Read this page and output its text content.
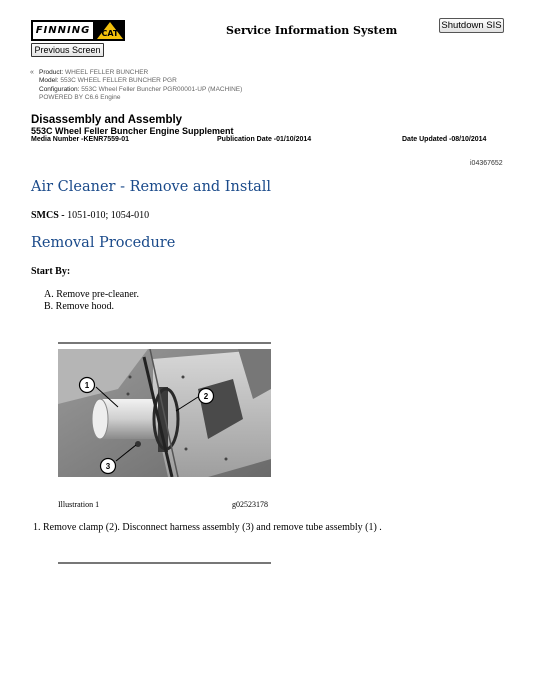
FINNING	CAT	Service Information System	Shutdown SIS
Previous Screen
« Product: WHEEL FELLER BUNCHER
Model: 553C WHEEL FELLER BUNCHER PGR
Configuration: 553C Wheel Feller Buncher PGR00001-UP (MACHINE)
POWERED BY C6.6 Engine
Disassembly and Assembly
553C Wheel Feller Buncher Engine Supplement
Media Number -KENR7559-01	Publication Date -01/10/2014	Date Updated -08/10/2014
i04367652
Air Cleaner - Remove and Install
SMCS - 1051-010; 1054-010
Removal Procedure
Start By:
A. Remove pre-cleaner.
B. Remove hood.
1
2
3
Illustration 1	g02523178
1. Remove clamp (2). Disconnect harness assembly (3) and remove tube assembly (1) .
